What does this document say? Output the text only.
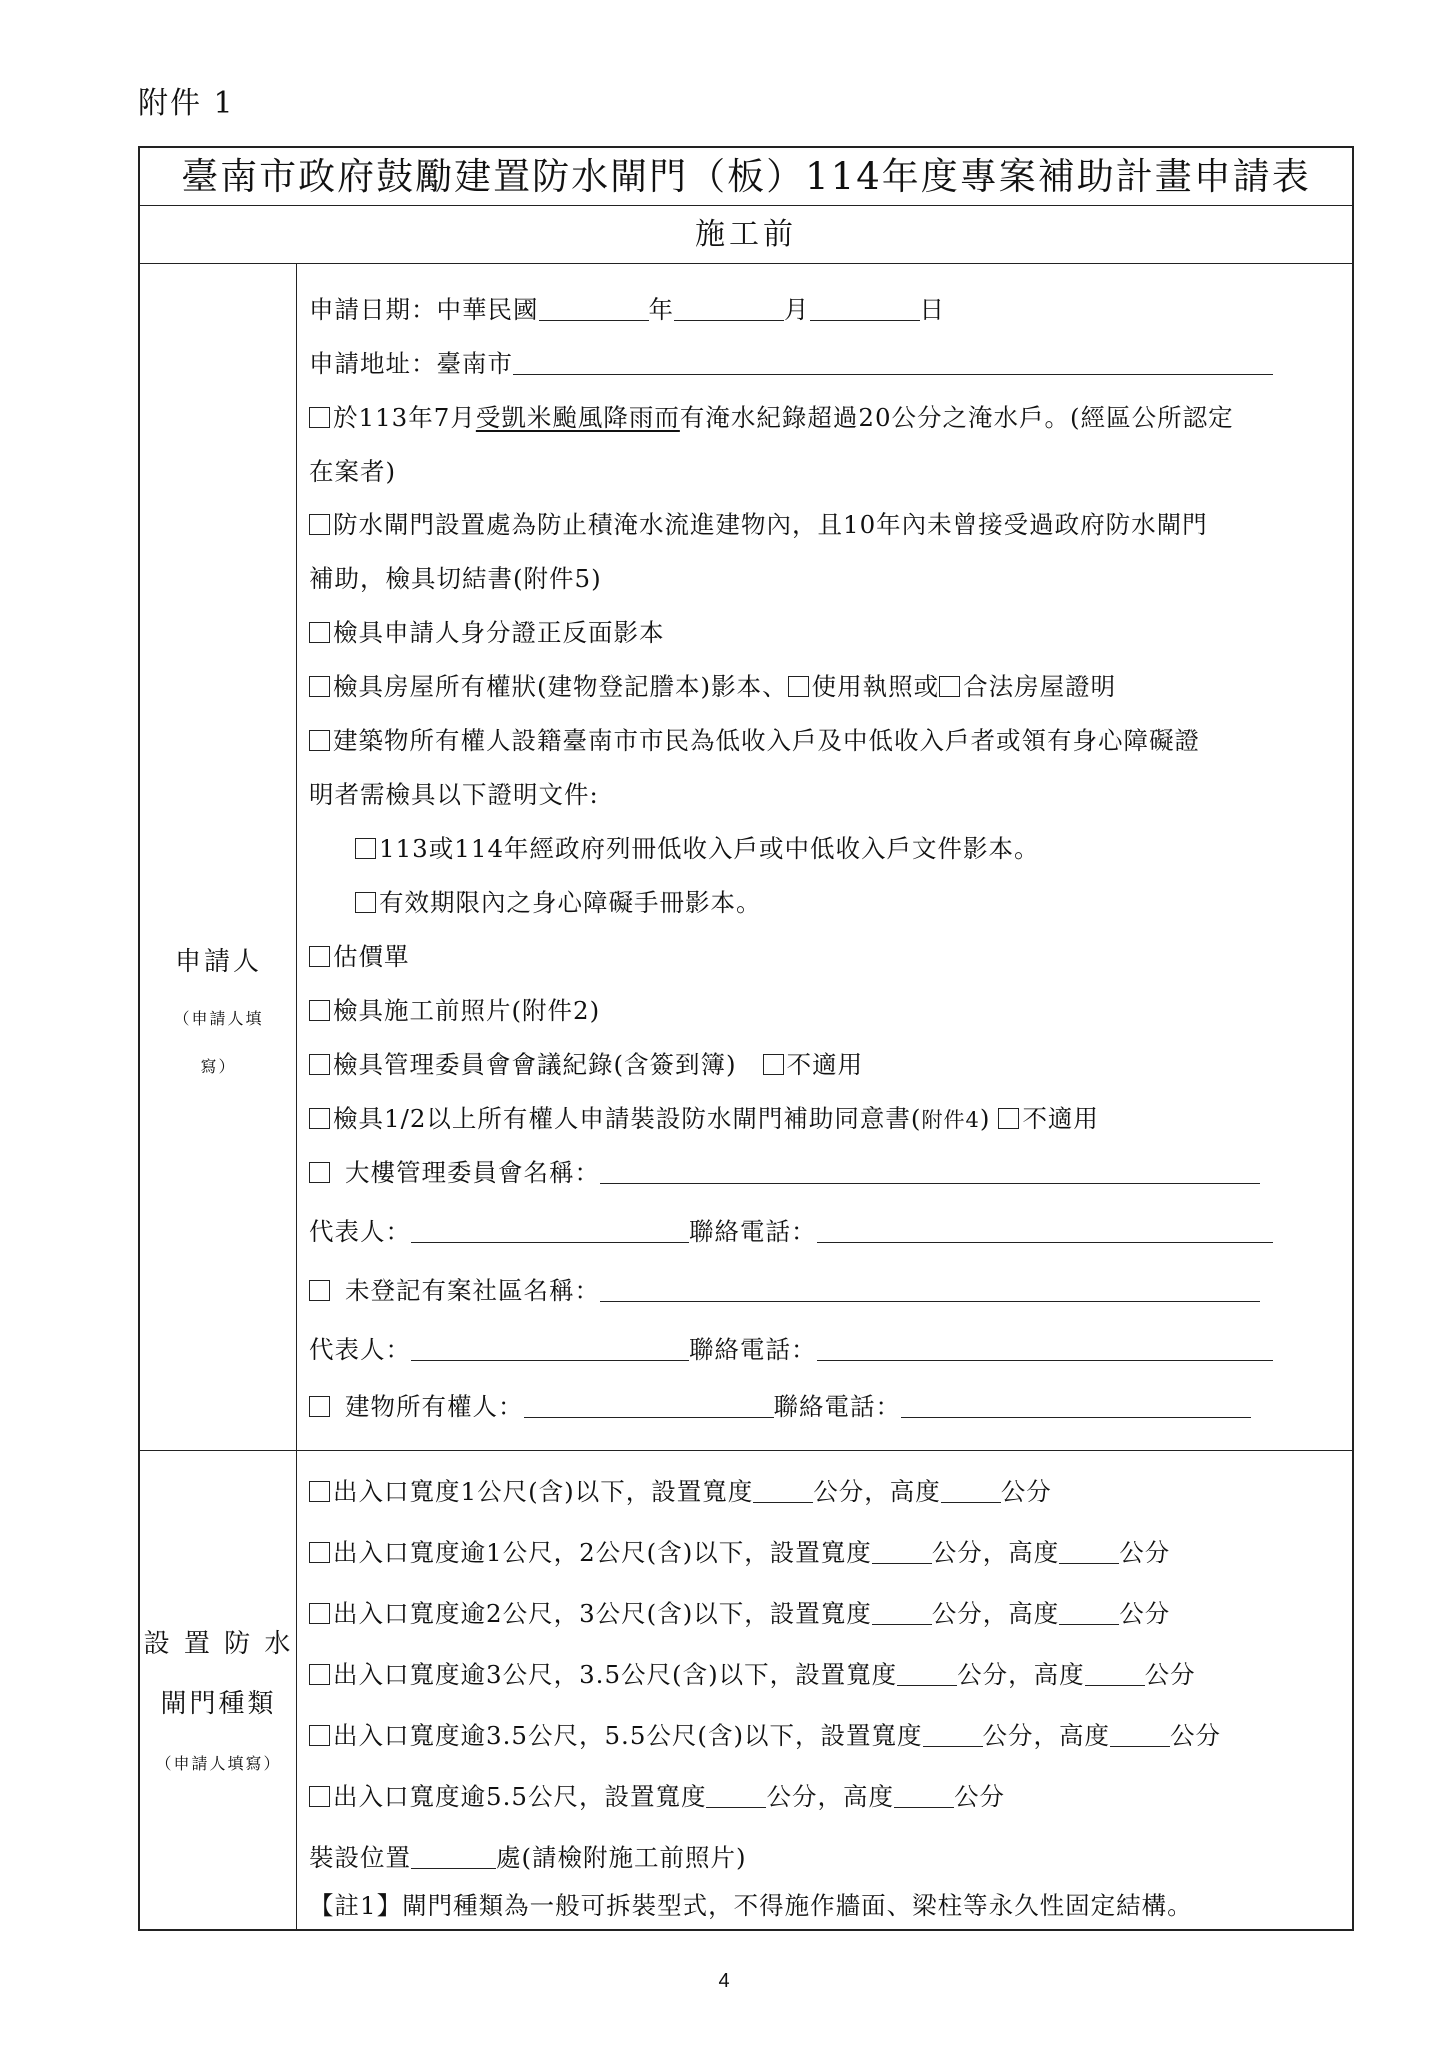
附件 1
臺南市政府鼓勵建置防水閘門（板）114年度專案補助計畫申請表
施工前
申請人
（申請人填
寫）
申請日期：中華民國	年	月	日
申請地址：臺南市
於113年7月受凱米颱風降雨而有淹水紀錄超過20公分之淹水戶。(經區公所認定
在案者)
防水閘門設置處為防止積淹水流進建物內，且10年內未曾接受過政府防水閘門
補助，檢具切結書(附件5)
檢具申請人身分證正反面影本
檢具房屋所有權狀(建物登記謄本)影本、 使用執照或 合法房屋證明
建築物所有權人設籍臺南市市民為低收入戶及中低收入戶者或領有身心障礙證
明者需檢具以下證明文件:
113或114年經政府列冊低收入戶或中低收入戶文件影本。
有效期限內之身心障礙手冊影本。
估價單
檢具施工前照片(附件2)
檢具管理委員會會議紀錄(含簽到簿) 不適用
檢具1/2以上所有權人申請裝設防水閘門補助同意書(附件4) 不適用
大樓管理委員會名稱：
代表人：	聯絡電話：
未登記有案社區名稱：
代表人：	聯絡電話：
建物所有權人：	聯絡電話：
設 置 防 水
閘門種類
（申請人填寫）
出入口寬度1公尺(含)以下，設置寬度 公分，高度 公分
出入口寬度逾1公尺，2公尺(含)以下，設置寬度 公分，高度 公分
出入口寬度逾2公尺，3公尺(含)以下，設置寬度 公分，高度 公分
出入口寬度逾3公尺，3.5公尺(含)以下，設置寬度 公分，高度 公分
出入口寬度逾3.5公尺，5.5公尺(含)以下，設置寬度 公分，高度 公分
出入口寬度逾5.5公尺，設置寬度 公分，高度 公分
裝設位置	處(請檢附施工前照片)
【註1】閘門種類為一般可拆裝型式，不得施作牆面、梁柱等永久性固定結構。
4
